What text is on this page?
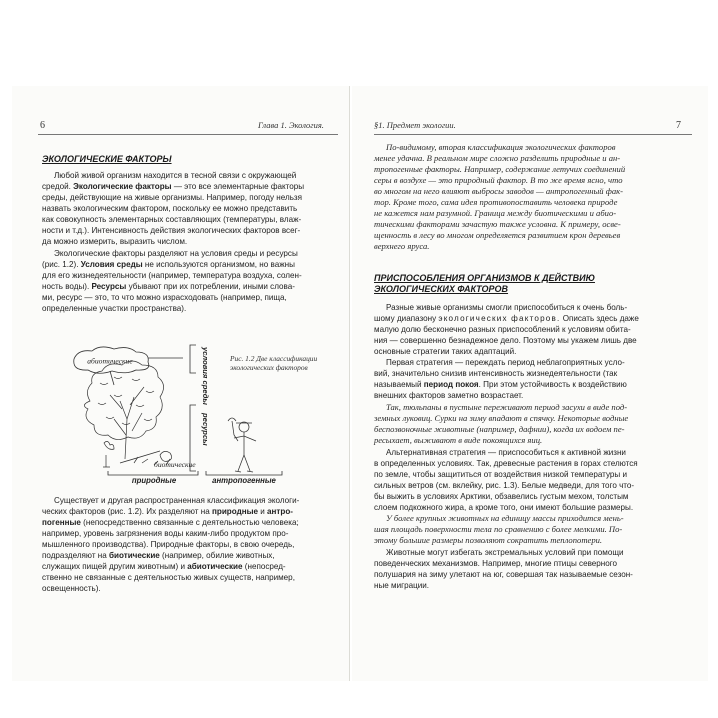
6	Глава 1. Экология.
ЭКОЛОГИЧЕСКИЕ ФАКТОРЫ
Любой живой организм находится в тесной связи с окружающей
средой. Экологические факторы — это все элементарные факторы
среды, действующие на живые организмы. Например, погоду нельзя
назвать экологическим фактором, поскольку ее можно представить
как совокупность элементарных составляющих (температуры, влаж-
ности и т.д.). Интенсивность действия экологических факторов всег-
да можно измерить, выразить числом.
Экологические факторы разделяют на условия среды и ресурсы
(рис. 1.2). Условия среды не используются организмом, но важны
для его жизнедеятельности (например, температура воздуха, солен-
ность воды). Ресурсы убывают при их потреблении, иными слова-
ми, ресурс — это, то что можно израсходовать (например, пища,
определенные участки пространства).
абиотические	условия среды
ресурсы
биотические
природные	антропогенные
Рис. 1.2 Две классификации
экологических факторов
Существует и другая распространенная классификация экологи-
ческих факторов (рис. 1.2). Их разделяют на природные и антро-
погенные (непосредственно связанные с деятельностью человека;
например, уровень загрязнения воды каким-либо продуктом про-
мышленного производства). Природные факторы, в свою очередь,
подразделяют на биотические (например, обилие животных,
служащих пищей другим животным) и абиотические (непосред-
ственно не связанные с деятельностью живых существ, например,
освещенность).
§1. Предмет экологии.	7
По-видимому, вторая классификация экологических факторов
менее удачна. В реальном мире сложно разделить природные и ан-
тропогенные факторы. Например, содержание летучих соединений
серы в воздухе — это природный фактор. В то же время ясно, что
во многом на него влияют выбросы заводов — антропогенный фак-
тор. Кроме того, сама идея противопоставить человека природе
не кажется нам разумной. Граница между биотическими и абио-
тическими факторами зачастую также условна. К примеру, осве-
щенность в лесу во многом определяется развитием крон деревьев
верхнего яруса.
ПРИСПОСОБЛЕНИЯ ОРГАНИЗМОВ К ДЕЙСТВИЮ
ЭКОЛОГИЧЕСКИХ ФАКТОРОВ
Разные живые организмы смогли приспособиться к очень боль-
шому диапазону экологических факторов. Описать здесь даже
малую долю бесконечно разных приспособлений к условиям обита-
ния — совершенно безнадежное дело. Поэтому мы укажем лишь две
основные стратегии таких адаптаций.
Первая стратегия — переждать период неблагоприятных усло-
вий, значительно снизив интенсивность жизнедеятельности (так
называемый период покоя. При этом устойчивость к воздействию
внешних факторов заметно возрастает.
Так, тюльпаны в пустыне переживают период засухи в виде под-
земных луковиц. Сурки на зиму впадают в спячку. Некоторые водные
беспозвоночные животные (например, дафнии), когда их водоем пе-
ресыхает, выживают в виде покоящихся яиц.
Альтернативная стратегия — приспособиться к активной жизни
в определенных условиях. Так, древесные растения в горах стелются
по земле, чтобы защититься от воздействия низкой температуры и
сильных ветров (см. вклейку, рис. 1.3). Белые медведи, для того что-
бы выжить в условиях Арктики, обзавелись густым мехом, толстым
слоем подкожного жира, а кроме того, они имеют большие размеры.
У более крупных животных на единицу массы приходится мень-
шая площадь поверхности тела по сравнению с более мелкими. По-
этому большие размеры позволяют сократить теплопотери.
Животные могут избегать экстремальных условий при помощи
поведенческих механизмов. Например, многие птицы северного
полушария на зиму улетают на юг, совершая так называемые сезон-
ные миграции.
